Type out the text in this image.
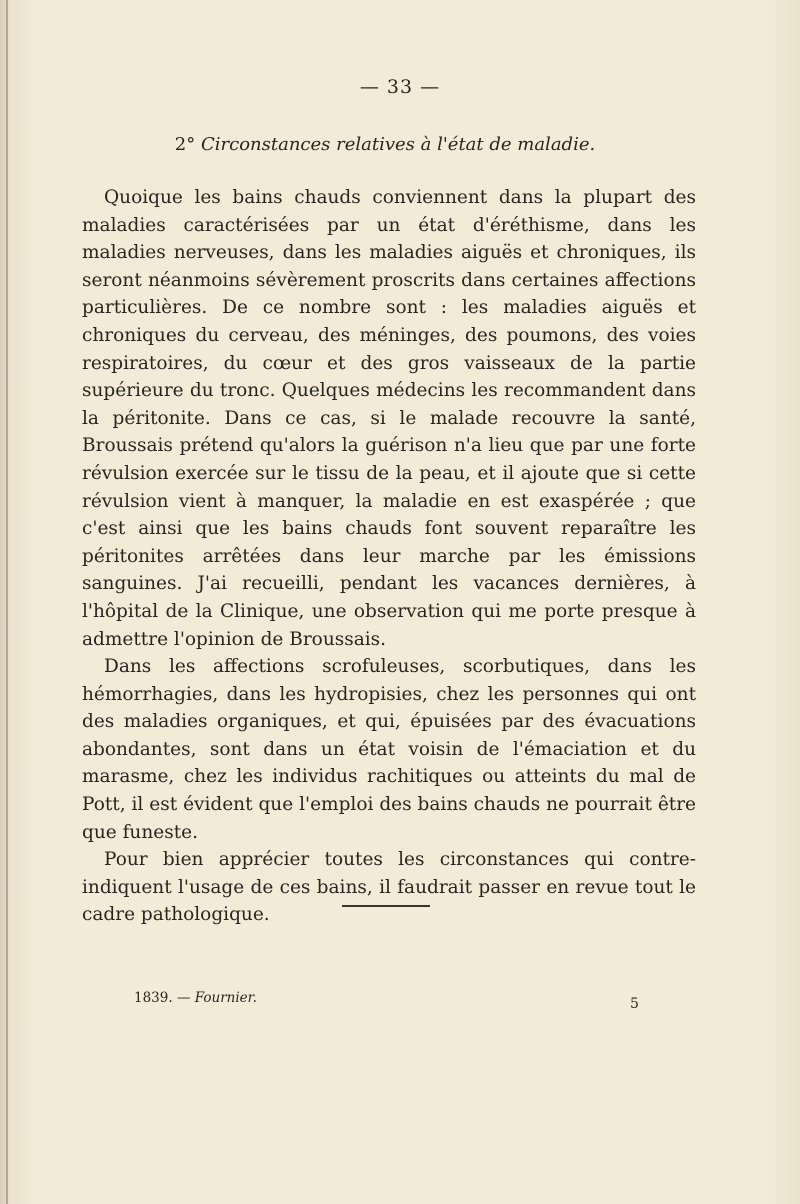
— 33 —
2° Circonstances relatives à l'état de maladie.

Quoique les bains chauds conviennent dans la plupart des maladies caractérisées par un état d'éréthisme, dans les maladies nerveuses, dans les maladies aiguës et chroniques, ils seront néanmoins sévèrement proscrits dans certaines affections particulières. De ce nombre sont : les maladies aiguës et chroniques du cerveau, des méninges, des poumons, des voies respiratoires, du cœur et des gros vaisseaux de la partie supérieure du tronc. Quelques médecins les recommandent dans la péritonite. Dans ce cas, si le malade recouvre la santé, Broussais prétend qu'alors la guérison n'a lieu que par une forte révulsion exercée sur le tissu de la peau, et il ajoute que si cette révulsion vient à manquer, la maladie en est exaspérée ; que c'est ainsi que les bains chauds font souvent reparaître les péritonites arrêtées dans leur marche par les émissions sanguines. J'ai recueilli, pendant les vacances dernières, à l'hôpital de la Clinique, une observation qui me porte presque à admettre l'opinion de Broussais.

Dans les affections scrofuleuses, scorbutiques, dans les hémorrhagies, dans les hydropisies, chez les personnes qui ont des maladies organiques, et qui, épuisées par des évacuations abondantes, sont dans un état voisin de l'émaciation et du marasme, chez les individus rachitiques ou atteints du mal de Pott, il est évident que l'emploi des bains chauds ne pourrait être que funeste.

Pour bien apprécier toutes les circonstances qui contre-indiquent l'usage de ces bains, il faudrait passer en revue tout le cadre pathologique.

1839. — Fournier.	5
